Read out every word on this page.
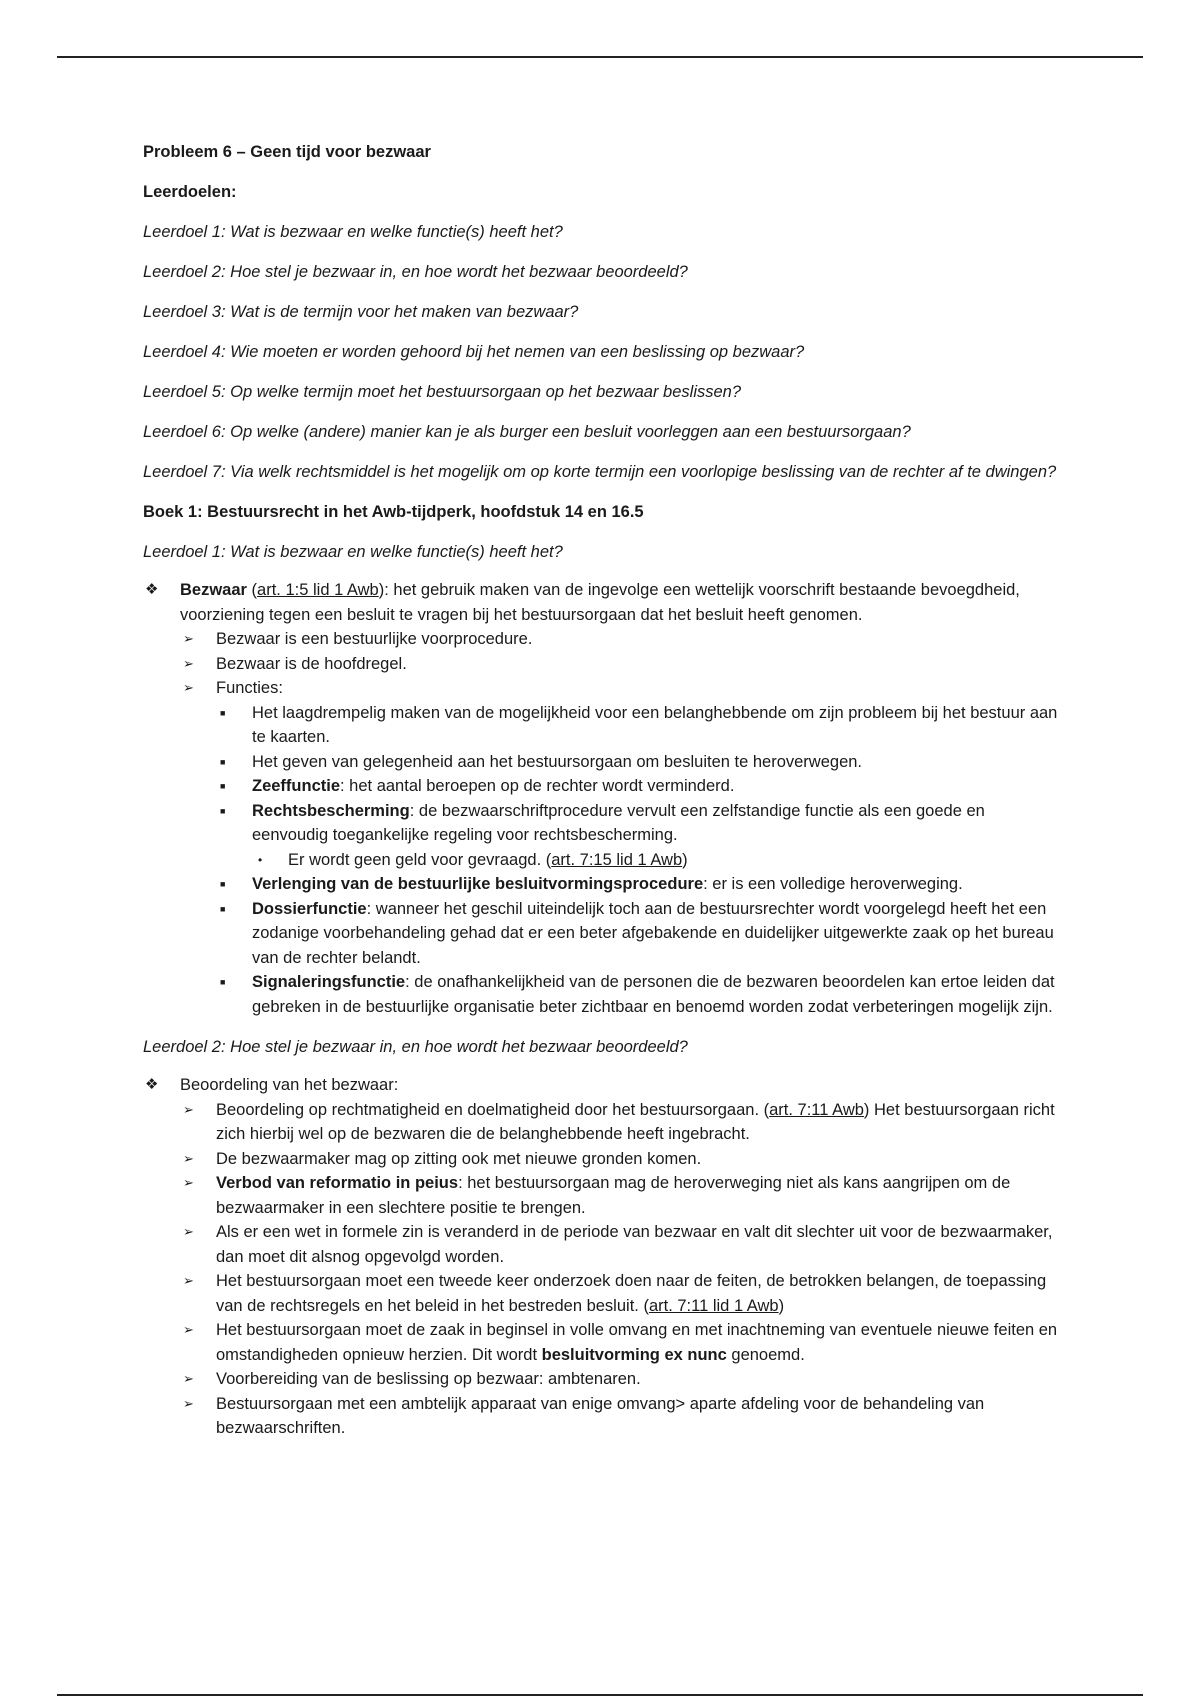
Probleem 6 – Geen tijd voor bezwaar

Leerdoelen:

Leerdoel 1: Wat is bezwaar en welke functie(s) heeft het?

Leerdoel 2: Hoe stel je bezwaar in, en hoe wordt het bezwaar beoordeeld?

Leerdoel 3: Wat is de termijn voor het maken van bezwaar?

Leerdoel 4: Wie moeten er worden gehoord bij het nemen van een beslissing op bezwaar?

Leerdoel 5: Op welke termijn moet het bestuursorgaan op het bezwaar beslissen?

Leerdoel 6: Op welke (andere) manier kan je als burger een besluit voorleggen aan een bestuursorgaan?

Leerdoel 7: Via welk rechtsmiddel is het mogelijk om op korte termijn een voorlopige beslissing van de rechter af te dwingen?

Boek 1: Bestuursrecht in het Awb-tijdperk, hoofdstuk 14 en 16.5

Leerdoel 1: Wat is bezwaar en welke functie(s) heeft het?

❖	Bezwaar (art. 1:5 lid 1 Awb): het gebruik maken van de ingevolge een wettelijk voorschrift bestaande bevoegdheid, voorziening tegen een besluit te vragen bij het bestuursorgaan dat het besluit heeft genomen.
➢	Bezwaar is een bestuurlijke voorprocedure.
➢	Bezwaar is de hoofdregel.
➢	Functies:
■	Het laagdrempelig maken van de mogelijkheid voor een belanghebbende om zijn probleem bij het bestuur aan te kaarten.
■	Het geven van gelegenheid aan het bestuursorgaan om besluiten te heroverwegen.
■	Zeeffunctie: het aantal beroepen op de rechter wordt verminderd.
■	Rechtsbescherming: de bezwaarschriftprocedure vervult een zelfstandige functie als een goede en eenvoudig toegankelijke regeling voor rechtsbescherming.
•	Er wordt geen geld voor gevraagd. (art. 7:15 lid 1 Awb)
■	Verlenging van de bestuurlijke besluitvormingsprocedure: er is een volledige heroverweging.
■	Dossierfunctie: wanneer het geschil uiteindelijk toch aan de bestuursrechter wordt voorgelegd heeft het een zodanige voorbehandeling gehad dat er een beter afgebakende en duidelijker uitgewerkte zaak op het bureau van de rechter belandt.
■	Signaleringsfunctie: de onafhankelijkheid van de personen die de bezwaren beoordelen kan ertoe leiden dat gebreken in de bestuurlijke organisatie beter zichtbaar en benoemd worden zodat verbeteringen mogelijk zijn.

Leerdoel 2: Hoe stel je bezwaar in, en hoe wordt het bezwaar beoordeeld?

❖	Beoordeling van het bezwaar:
➢	Beoordeling op rechtmatigheid en doelmatigheid door het bestuursorgaan. (art. 7:11 Awb) Het bestuursorgaan richt zich hierbij wel op de bezwaren die de belanghebbende heeft ingebracht.
➢	De bezwaarmaker mag op zitting ook met nieuwe gronden komen.
➢	Verbod van reformatio in peius: het bestuursorgaan mag de heroverweging niet als kans aangrijpen om de bezwaarmaker in een slechtere positie te brengen.
➢	Als er een wet in formele zin is veranderd in de periode van bezwaar en valt dit slechter uit voor de bezwaarmaker, dan moet dit alsnog opgevolgd worden.
➢	Het bestuursorgaan moet een tweede keer onderzoek doen naar de feiten, de betrokken belangen, de toepassing van de rechtsregels en het beleid in het bestreden besluit. (art. 7:11 lid 1 Awb)
➢	Het bestuursorgaan moet de zaak in beginsel in volle omvang en met inachtneming van eventuele nieuwe feiten en omstandigheden opnieuw herzien. Dit wordt besluitvorming ex nunc genoemd.
➢	Voorbereiding van de beslissing op bezwaar: ambtenaren.
➢	Bestuursorgaan met een ambtelijk apparaat van enige omvang> aparte afdeling voor de behandeling van bezwaarschriften.
